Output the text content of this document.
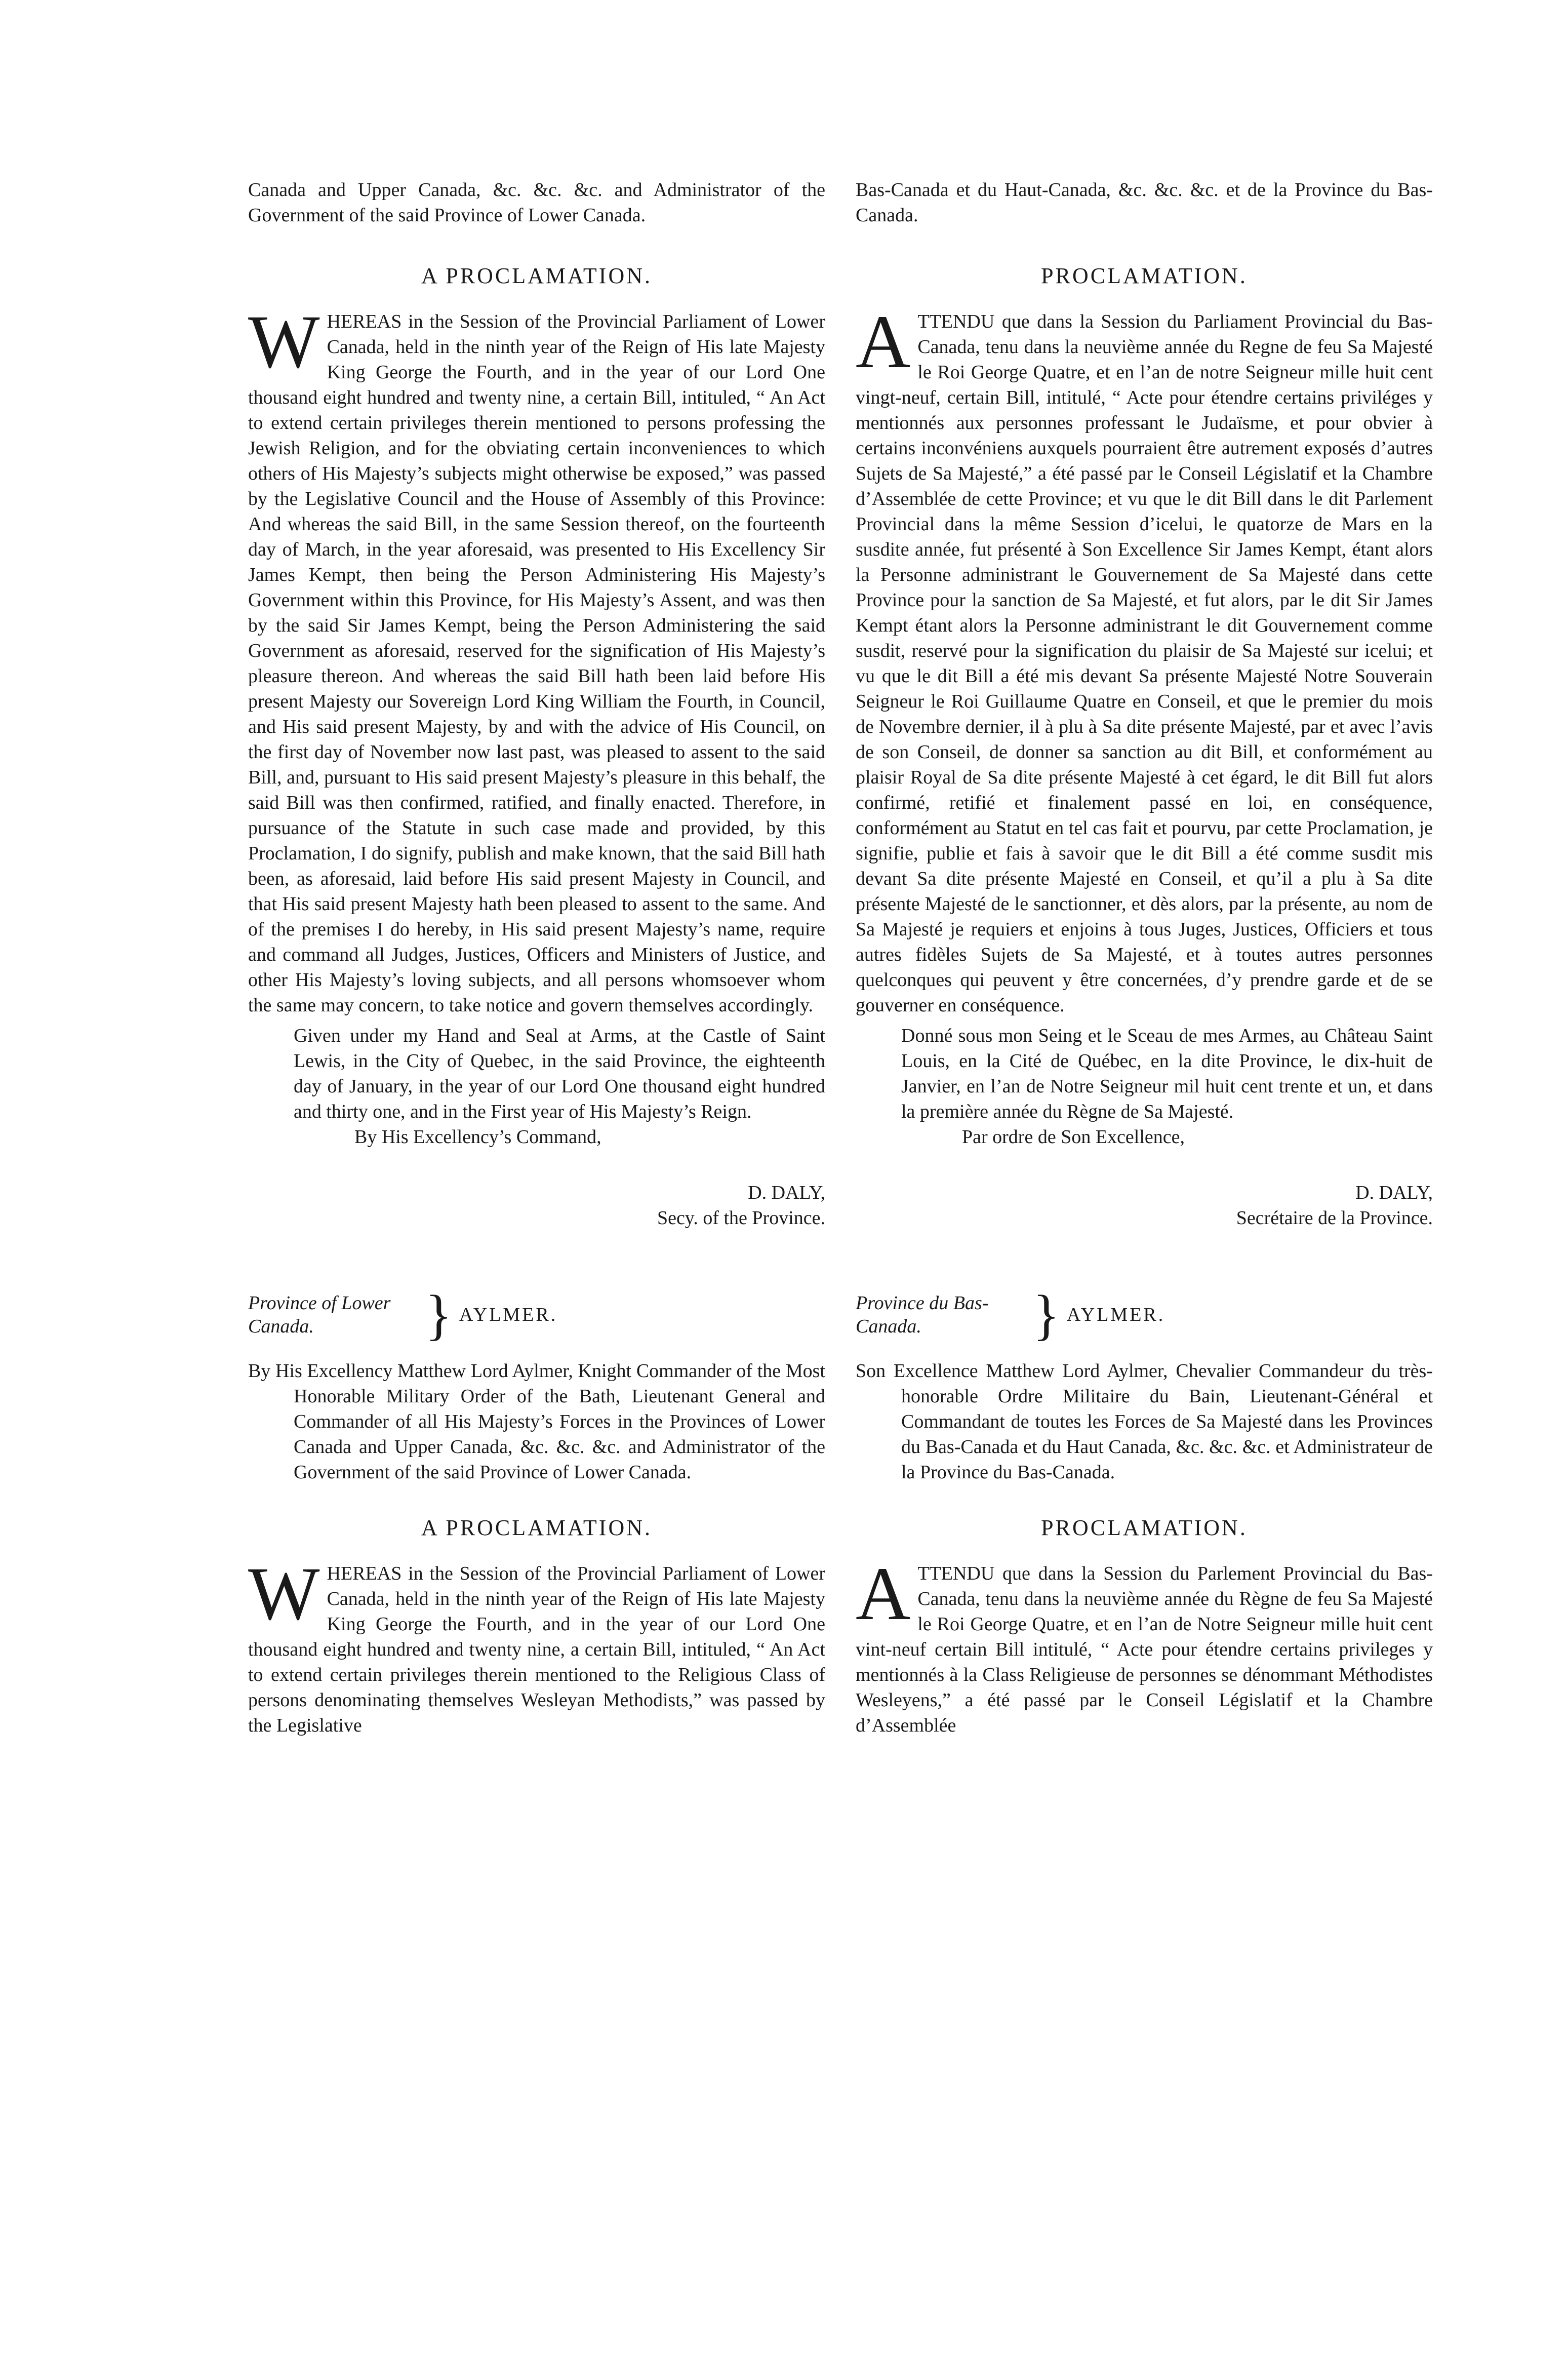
Canada and Upper Canada, &c. &c. &c. and Administrator of the Government of the said Province of Lower Canada.

A PROCLAMATION.

WHEREAS in the Session of the Provincial Parliament of Lower Canada, held in the ninth year of the Reign of His late Majesty King George the Fourth, and in the year of our Lord One thousand eight hundred and twenty nine, a certain Bill, intituled, “ An Act to extend certain privileges therein mentioned to persons professing the Jewish Religion, and for the obviating certain inconveniences to which others of His Majesty’s subjects might otherwise be exposed,” was passed by the Legislative Council and the House of Assembly of this Province: And whereas the said Bill, in the same Session thereof, on the fourteenth day of March, in the year aforesaid, was presented to His Excellency Sir James Kempt, then being the Person Administering His Majesty’s Government within this Province, for His Majesty’s Assent, and was then by the said Sir James Kempt, being the Person Administering the said Government as aforesaid, reserved for the signification of His Majesty’s pleasure thereon. And whereas the said Bill hath been laid before His present Majesty our Sovereign Lord King William the Fourth, in Council, and His said present Majesty, by and with the advice of His Council, on the first day of November now last past, was pleased to assent to the said Bill, and, pursuant to His said present Majesty’s pleasure in this behalf, the said Bill was then confirmed, ratified, and finally enacted. Therefore, in pursuance of the Statute in such case made and provided, by this Proclamation, I do signify, publish and make known, that the said Bill hath been, as aforesaid, laid before His said present Majesty in Council, and that His said present Majesty hath been pleased to assent to the same. And of the premises I do hereby, in His said present Majesty’s name, require and command all Judges, Justices, Officers and Ministers of Justice, and other His Majesty’s loving subjects, and all persons whomsoever whom the same may concern, to take notice and govern themselves accordingly.

Given under my Hand and Seal at Arms, at the Castle of Saint Lewis, in the City of Quebec, in the said Province, the eighteenth day of January, in the year of our Lord One thousand eight hundred and thirty one, and in the First year of His Majesty’s Reign.

By His Excellency’s Command,

D. DALY,

Secy. of the Province.

Province of Lower Canada.	} AYLMER.

By His Excellency Matthew Lord Aylmer, Knight Commander of the Most Honorable Military Order of the Bath, Lieutenant General and Commander of all His Majesty’s Forces in the Provinces of Lower Canada and Upper Canada, &c. &c. &c. and Administrator of the Government of the said Province of Lower Canada.

A PROCLAMATION.

WHEREAS in the Session of the Provincial Parliament of Lower Canada, held in the ninth year of the Reign of His late Majesty King George the Fourth, and in the year of our Lord One thousand eight hundred and twenty nine, a certain Bill, intituled, “ An Act to extend certain privileges therein mentioned to the Religious Class of persons denominating themselves Wesleyan Methodists,” was passed by the Legislative

Bas-Canada et du Haut-Canada, &c. &c. &c. et de la Province du Bas-Canada.

PROCLAMATION.

ATTENDU que dans la Session du Parliament Provincial du Bas-Canada, tenu dans la neuvième année du Regne de feu Sa Majesté le Roi George Quatre, et en l’an de notre Seigneur mille huit cent vingt-neuf, certain Bill, intitulé, “ Acte pour étendre certains priviléges y mentionnés aux personnes professant le Judaïsme, et pour obvier à certains inconvéniens auxquels pourraient être autrement exposés d’autres Sujets de Sa Majesté,” a été passé par le Conseil Législatif et la Chambre d’Assemblée de cette Province; et vu que le dit Bill dans le dit Parlement Provincial dans la même Session d’icelui, le quatorze de Mars en la susdite année, fut présenté à Son Excellence Sir James Kempt, étant alors la Personne administrant le Gouvernement de Sa Majesté dans cette Province pour la sanction de Sa Majesté, et fut alors, par le dit Sir James Kempt étant alors la Personne administrant le dit Gouvernement comme susdit, reservé pour la signification du plaisir de Sa Majesté sur icelui; et vu que le dit Bill a été mis devant Sa présente Majesté Notre Souverain Seigneur le Roi Guillaume Quatre en Conseil, et que le premier du mois de Novembre dernier, il à plu à Sa dite présente Majesté, par et avec l’avis de son Conseil, de donner sa sanction au dit Bill, et conformément au plaisir Royal de Sa dite présente Majesté à cet égard, le dit Bill fut alors confirmé, retifié et finalement passé en loi, en conséquence, conformément au Statut en tel cas fait et pourvu, par cette Proclamation, je signifie, publie et fais à savoir que le dit Bill a été comme susdit mis devant Sa dite présente Majesté en Conseil, et qu’il a plu à Sa dite présente Majesté de le sanctionner, et dès alors, par la présente, au nom de Sa Majesté je requiers et enjoins à tous Juges, Justices, Officiers et tous autres fidèles Sujets de Sa Majesté, et à toutes autres personnes quelconques qui peuvent y être concernées, d’y prendre garde et de se gouverner en conséquence.

Donné sous mon Seing et le Sceau de mes Armes, au Château Saint Louis, en la Cité de Québec, en la dite Province, le dix-huit de Janvier, en l’an de Notre Seigneur mil huit cent trente et un, et dans la première année du Règne de Sa Majesté.

Par ordre de Son Excellence,

D. DALY,

Secrétaire de la Province.

Province du Bas-Canada.	} AYLMER.

Son Excellence Matthew Lord Aylmer, Chevalier Commandeur du très-honorable Ordre Militaire du Bain, Lieutenant-Général et Commandant de toutes les Forces de Sa Majesté dans les Provinces du Bas-Canada et du Haut Canada, &c. &c. &c. et Administrateur de la Province du Bas-Canada.

PROCLAMATION.

ATTENDU que dans la Session du Parlement Provincial du Bas-Canada, tenu dans la neuvième année du Règne de feu Sa Majesté le Roi George Quatre, et en l’an de Notre Seigneur mille huit cent vint-neuf certain Bill intitulé, “ Acte pour étendre certains privileges y mentionnés à la Class Religieuse de personnes se dénommant Méthodistes Wesleyens,” a été passé par le Conseil Législatif et la Chambre d’Assemblée
